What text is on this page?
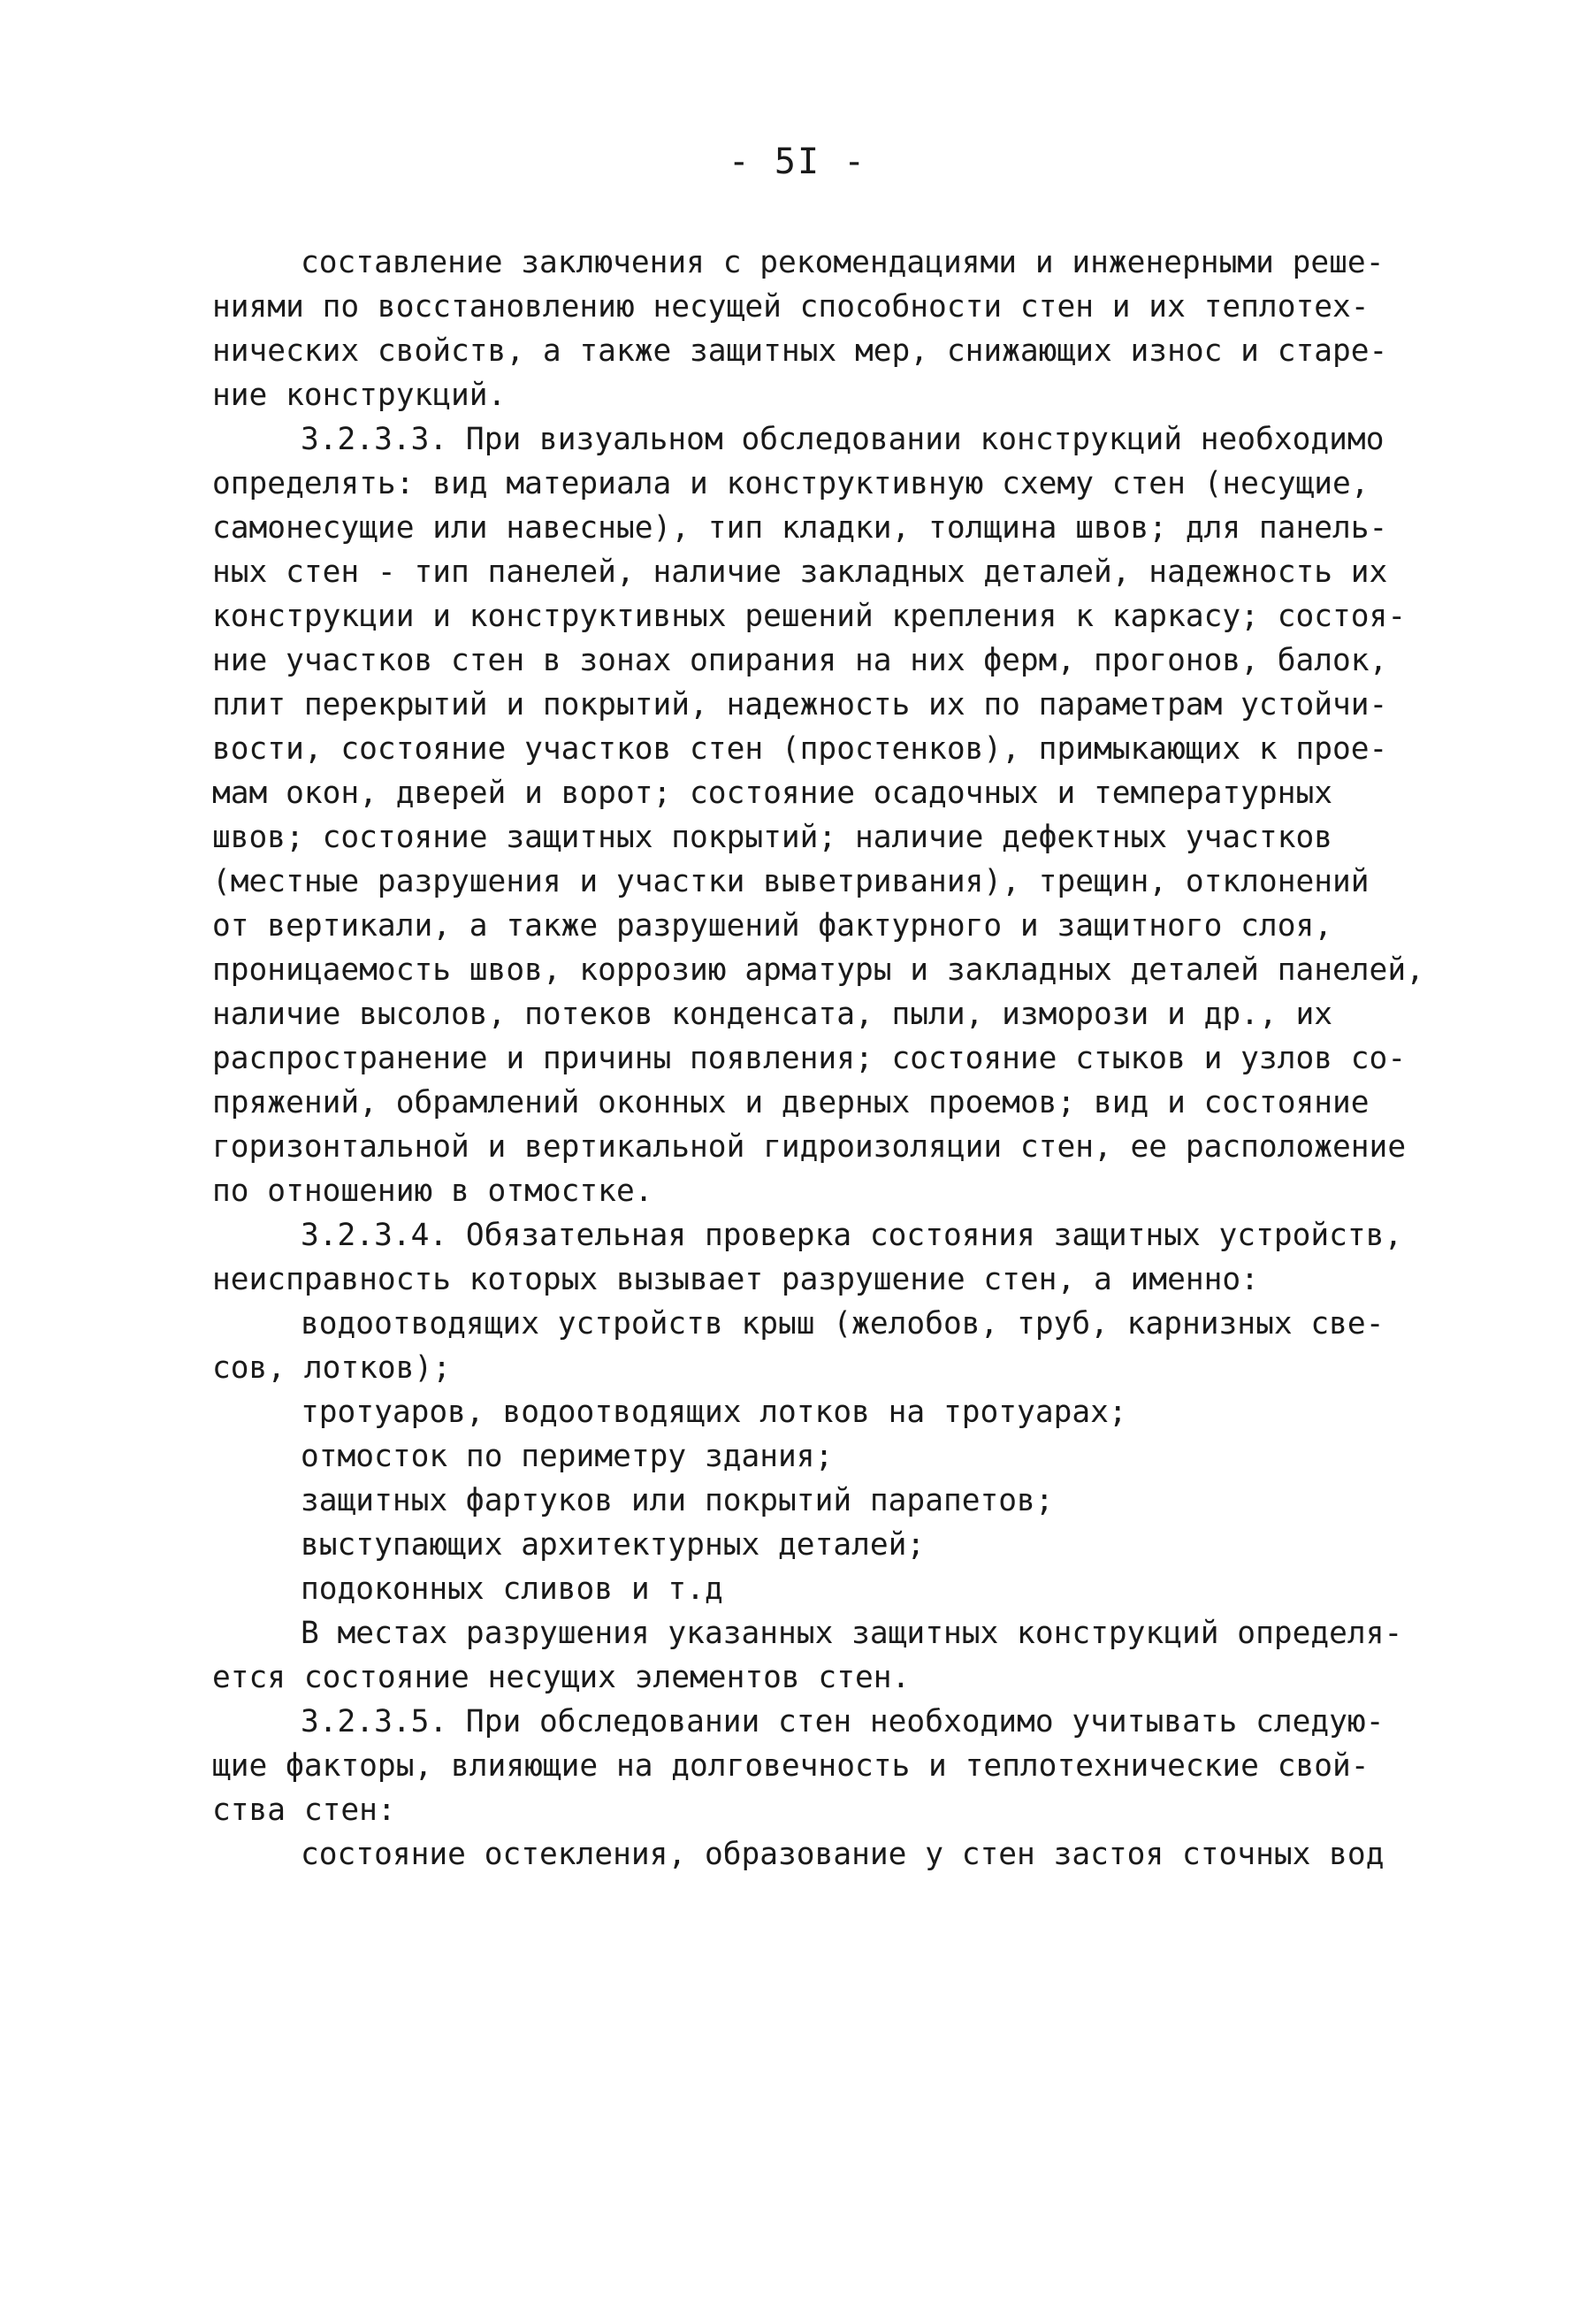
- 5I -
составление заключения с рекомендациями и инженерными реше-
ниями по восстановлению несущей способности стен и их теплотех-
нических свойств, а также защитных мер, снижающих износ и старе-
ние конструкций.
3.2.3.3. При визуальном обследовании конструкций необходимо
определять: вид материала и конструктивную схему стен (несущие,
самонесущие или навесные), тип кладки, толщина швов; для панель-
ных стен - тип панелей, наличие закладных деталей, надежность их
конструкции и конструктивных решений крепления к каркасу; состоя-
ние участков стен в зонах опирания на них ферм, прогонов, балок,
плит перекрытий и покрытий, надежность их по параметрам устойчи-
вости, состояние участков стен (простенков), примыкающих к прое-
мам окон, дверей и ворот; состояние осадочных и температурных
швов; состояние защитных покрытий; наличие дефектных участков
(местные разрушения и участки выветривания), трещин, отклонений
от вертикали, а также разрушений фактурного и защитного слоя,
проницаемость швов, коррозию арматуры и закладных деталей панелей,
наличие высолов, потеков конденсата, пыли, изморози и др., их
распространение и причины появления; состояние стыков и узлов со-
пряжений, обрамлений оконных и дверных проемов; вид и состояние
горизонтальной и вертикальной гидроизоляции стен, ее расположение
по отношению в отмостке.
3.2.3.4. Обязательная проверка состояния защитных устройств,
неисправность которых вызывает разрушение стен, а именно:
водоотводящих устройств крыш (желобов, труб, карнизных све-
сов, лотков);
тротуаров, водоотводящих лотков на тротуарах;
отмосток по периметру здания;
защитных фартуков или покрытий парапетов;
выступающих архитектурных деталей;
подоконных сливов и т.д
В местах разрушения указанных защитных конструкций определя-
ется состояние несущих элементов стен.
3.2.3.5. При обследовании стен необходимо учитывать следую-
щие факторы, влияющие на долговечность и теплотехнические свой-
ства стен:
состояние остекления, образование у стен застоя сточных вод
